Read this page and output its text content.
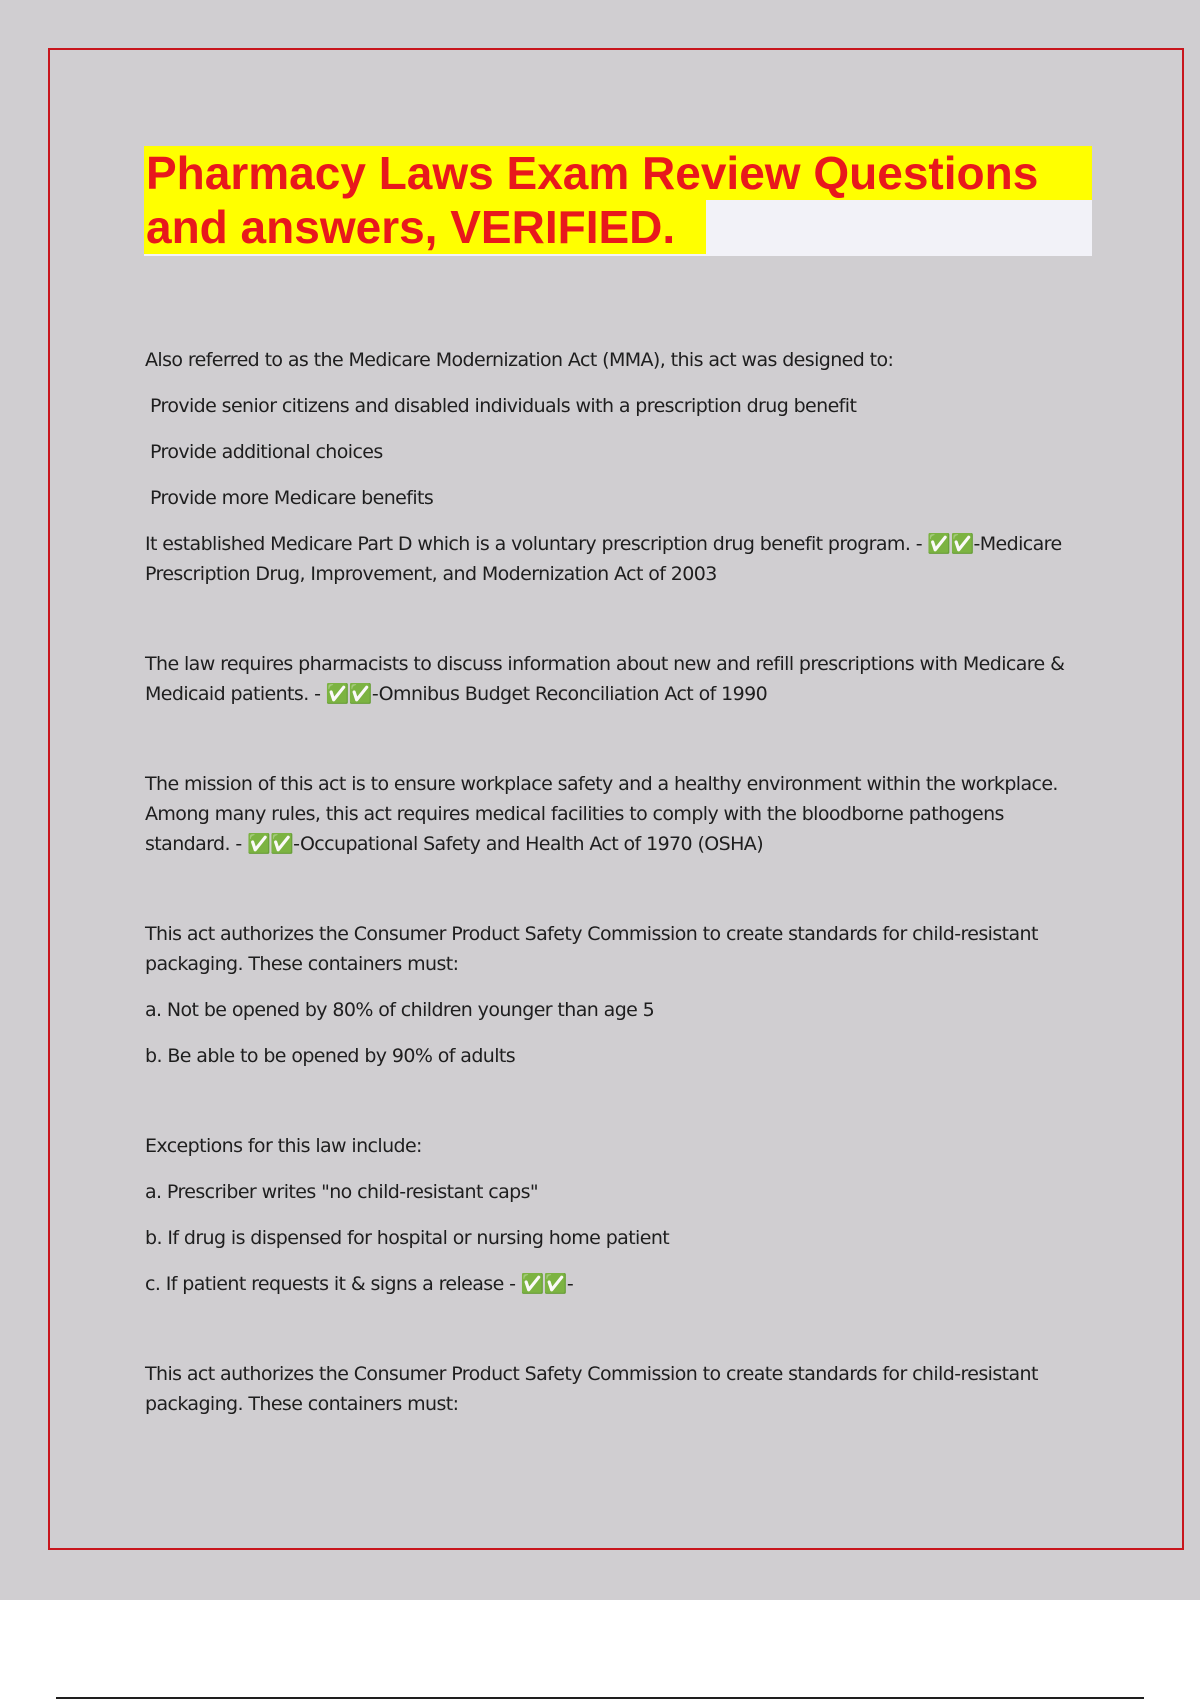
Pharmacy Laws Exam Review Questions
and answers, VERIFIED.

Also referred to as the Medicare Modernization Act (MMA), this act was designed to:

Provide senior citizens and disabled individuals with a prescription drug benefit

Provide additional choices

Provide more Medicare benefits

It established Medicare Part D which is a voluntary prescription drug benefit program. - ✅✅-Medicare Prescription Drug, Improvement, and Modernization Act of 2003

The law requires pharmacists to discuss information about new and refill prescriptions with Medicare & Medicaid patients. - ✅✅-Omnibus Budget Reconciliation Act of 1990

The mission of this act is to ensure workplace safety and a healthy environment within the workplace. Among many rules, this act requires medical facilities to comply with the bloodborne pathogens standard. - ✅✅-Occupational Safety and Health Act of 1970 (OSHA)

This act authorizes the Consumer Product Safety Commission to create standards for child-resistant packaging. These containers must:

a. Not be opened by 80% of children younger than age 5

b. Be able to be opened by 90% of adults

Exceptions for this law include:

a. Prescriber writes "no child-resistant caps"

b. If drug is dispensed for hospital or nursing home patient

c. If patient requests it & signs a release - ✅✅-

This act authorizes the Consumer Product Safety Commission to create standards for child-resistant packaging. These containers must:
